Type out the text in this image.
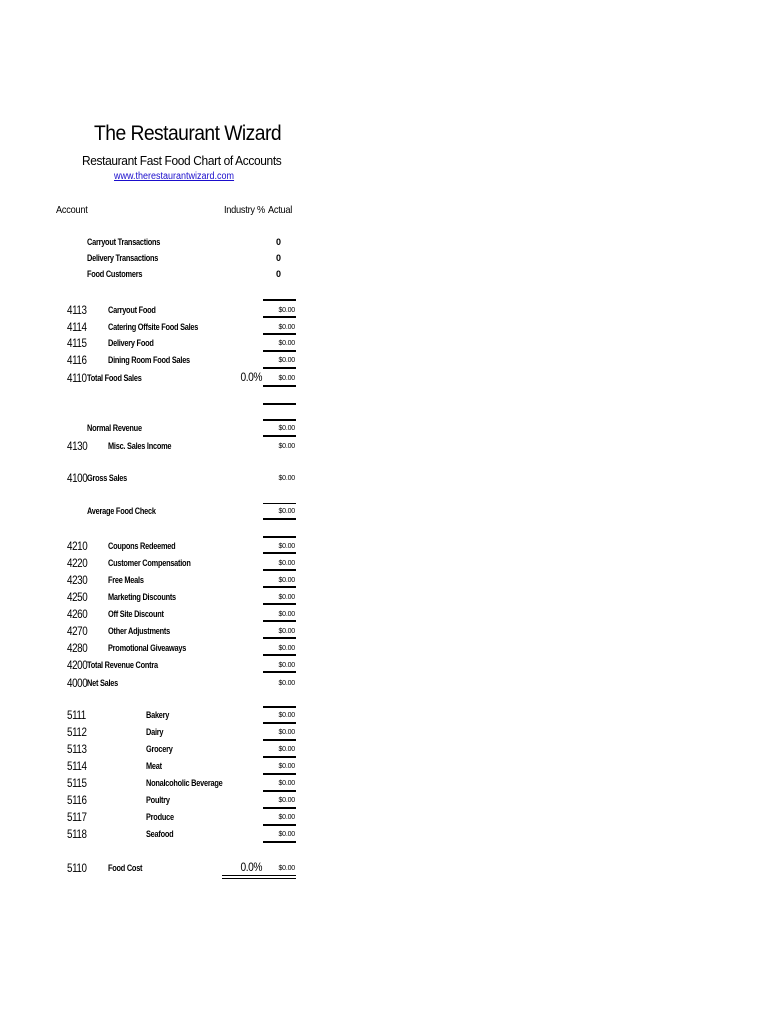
The Restaurant Wizard
Restaurant Fast Food Chart of Accounts
www.therestaurantwizard.com
Account	Industry % Actual
Carryout Transactions	0
Delivery Transactions	0
Food Customers	0
4113 Carryout Food	$0.00
4114 Catering Offsite Food Sales	$0.00
4115 Delivery Food	$0.00
4116 Dining Room Food Sales	$0.00
4110 Total Food Sales	0.0%	$0.00
Normal Revenue	$0.00
4130 Misc. Sales Income	$0.00
4100 Gross Sales	$0.00
Average Food Check	$0.00
4210 Coupons Redeemed	$0.00
4220 Customer Compensation	$0.00
4230 Free Meals	$0.00
4250 Marketing Discounts	$0.00
4260 Off Site Discount	$0.00
4270 Other Adjustments	$0.00
4280 Promotional Giveaways	$0.00
4200 Total Revenue Contra	$0.00
4000 Net Sales	$0.00
5111	Bakery	$0.00
5112	Dairy	$0.00
5113	Grocery	$0.00
5114	Meat	$0.00
5115	Nonalcoholic Beverage	$0.00
5116	Poultry	$0.00
5117	Produce	$0.00
5118	Seafood	$0.00
5110 Food Cost	0.0%	$0.00
